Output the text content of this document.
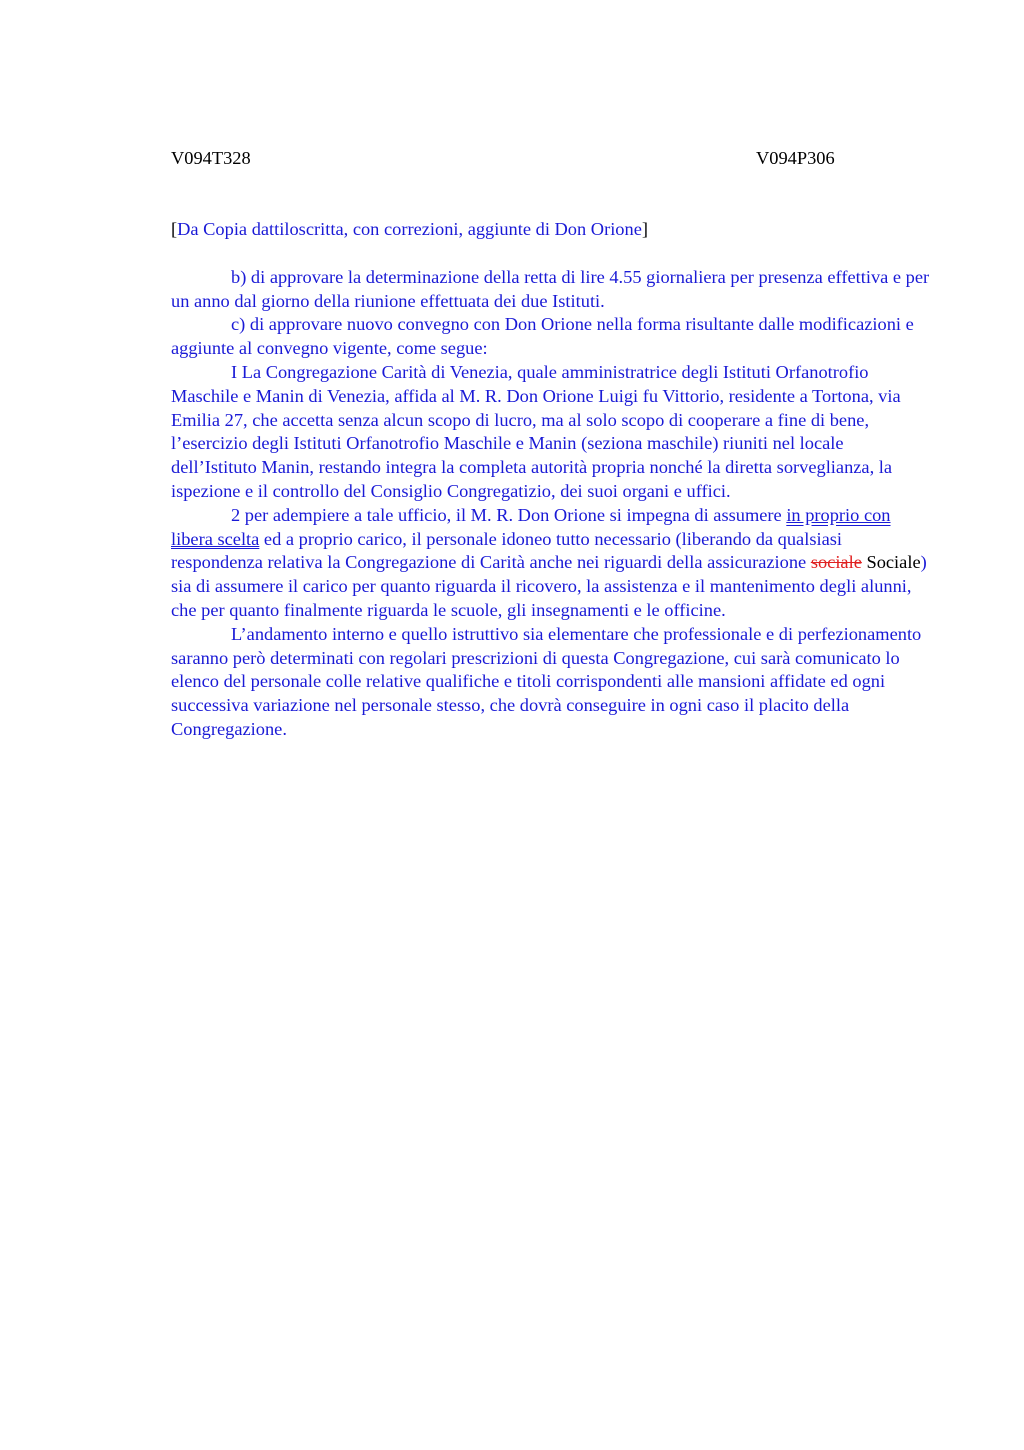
V094T328	V094P306
[Da Copia dattiloscritta, con correzioni, aggiunte di Don Orione]

b) di approvare la determinazione della retta di lire 4.55 giornaliera per presenza effettiva e per un anno dal giorno della riunione effettuata dei due Istituti.

c) di approvare nuovo convegno con Don Orione nella forma risultante dalle modificazioni e aggiunte al convegno vigente, come segue:

I La Congregazione Carità di Venezia, quale amministratrice degli Istituti Orfanotrofio Maschile e Manin di Venezia, affida al M. R. Don Orione Luigi fu Vittorio, residente a Tortona, via Emilia 27, che accetta senza alcun scopo di lucro, ma al solo scopo di cooperare a fine di bene, l’esercizio degli Istituti Orfanotrofio Maschile e Manin (seziona maschile) riuniti nel locale dell’Istituto Manin, restando integra la completa autorità propria nonché la diretta sorveglianza, la ispezione e il controllo del Consiglio Congregatizio, dei suoi organi e uffici.

2 per adempiere a tale ufficio, il M. R. Don Orione si impegna di assumere in proprio con libera scelta ed a proprio carico, il personale idoneo tutto necessario (liberando da qualsiasi respondenza relativa la Congregazione di Carità anche nei riguardi della assicurazione sociale Sociale) sia di assumere il carico per quanto riguarda il ricovero, la assistenza e il mantenimento degli alunni, che per quanto finalmente riguarda le scuole, gli insegnamenti e le officine.

L’andamento interno e quello istruttivo sia elementare che professionale e di perfezionamento saranno però determinati con regolari prescrizioni di questa Congregazione, cui sarà comunicato lo elenco del personale colle relative qualifiche e titoli corrispondenti alle mansioni affidate ed ogni successiva variazione nel personale stesso, che dovrà conseguire in ogni caso il placito della Congregazione.
